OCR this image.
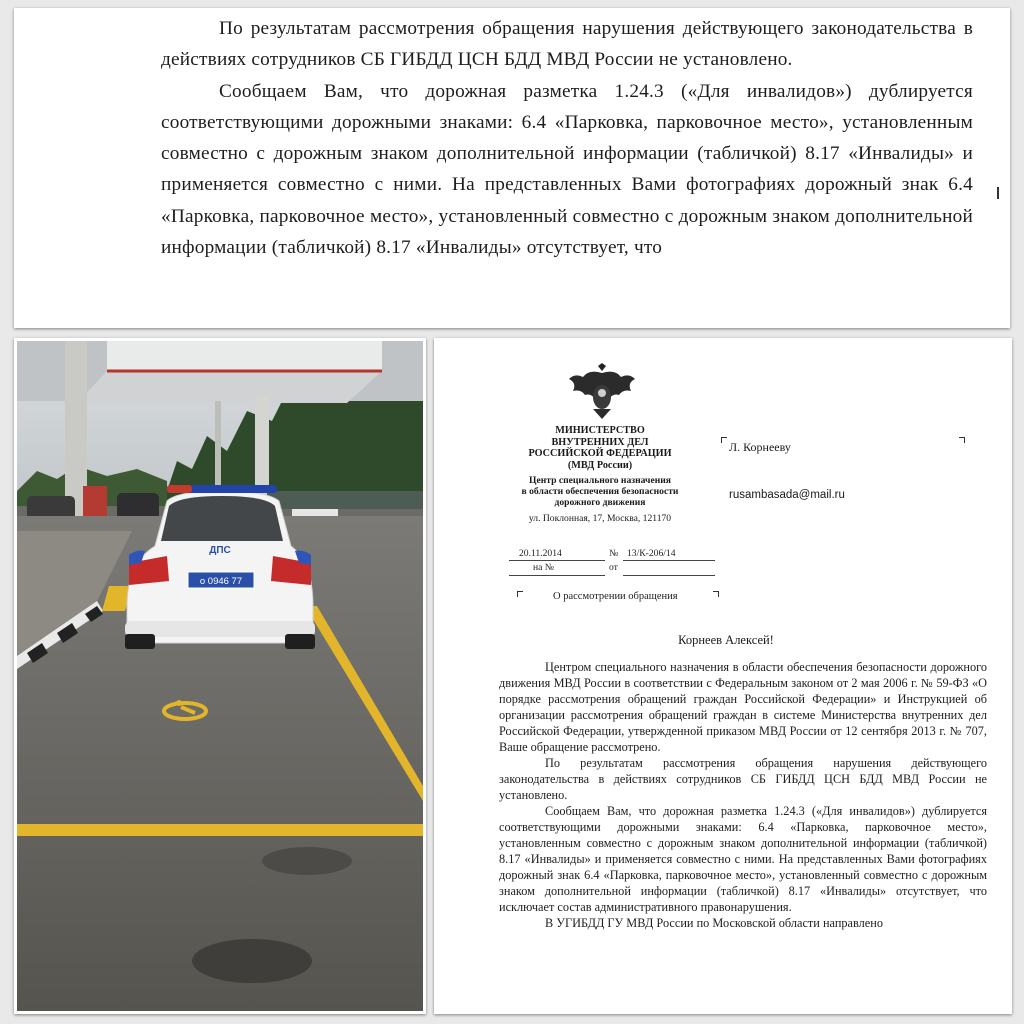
По результатам рассмотрения обращения нарушения действующего законодательства в действиях сотрудников СБ ГИБДД ЦСН БДД МВД России не установлено.

Сообщаем Вам, что дорожная разметка 1.24.3 («Для инвалидов») дублируется соответствующими дорожными знаками: 6.4 «Парковка, парковочное место», установленным совместно с дорожным знаком дополнительной информации (табличкой) 8.17 «Инвалиды» и применяется совместно с ними. На представленных Вами фотографиях дорожный знак 6.4 «Парковка, парковочное место», установленный совместно с дорожным знаком дополнительной информации (табличкой) 8.17 «Инвалиды» отсутствует, что

ДПС
о 0946 77
МИНИСТЕРСТВО
ВНУТРЕННИХ ДЕЛ
РОССИЙСКОЙ ФЕДЕРАЦИИ
(МВД России)
Центр специального назначения
в области обеспечения безопасности
дорожного движения
ул. Поклонная, 17, Москва, 121170
20.11.2014	№ 13/К-206/14
на №	от
О рассмотрении обращения
Л. Корнееву
rusambasada@mail.ru
Корнеев Алексей!

Центром специального назначения в области обеспечения безопасности дорожного движения МВД России в соответствии с Федеральным законом от 2 мая 2006 г. № 59-ФЗ «О порядке рассмотрения обращений граждан Российской Федерации» и Инструкцией об организации рассмотрения обращений граждан в системе Министерства внутренних дел Российской Федерации, утвержденной приказом МВД России от 12 сентября 2013 г. № 707, Ваше обращение рассмотрено.

По результатам рассмотрения обращения нарушения действующего законодательства в действиях сотрудников СБ ГИБДД ЦСН БДД МВД России не установлено.

Сообщаем Вам, что дорожная разметка 1.24.3 («Для инвалидов») дублируется соответствующими дорожными знаками: 6.4 «Парковка, парковочное место», установленным совместно с дорожным знаком дополнительной информации (табличкой) 8.17 «Инвалиды» и применяется совместно с ними. На представленных Вами фотографиях дорожный знак 6.4 «Парковка, парковочное место», установленный совместно с дорожным знаком дополнительной информации (табличкой) 8.17 «Инвалиды» отсутствует, что исключает состав административного правонарушения.

В УГИБДД ГУ МВД России по Московской области направлено
